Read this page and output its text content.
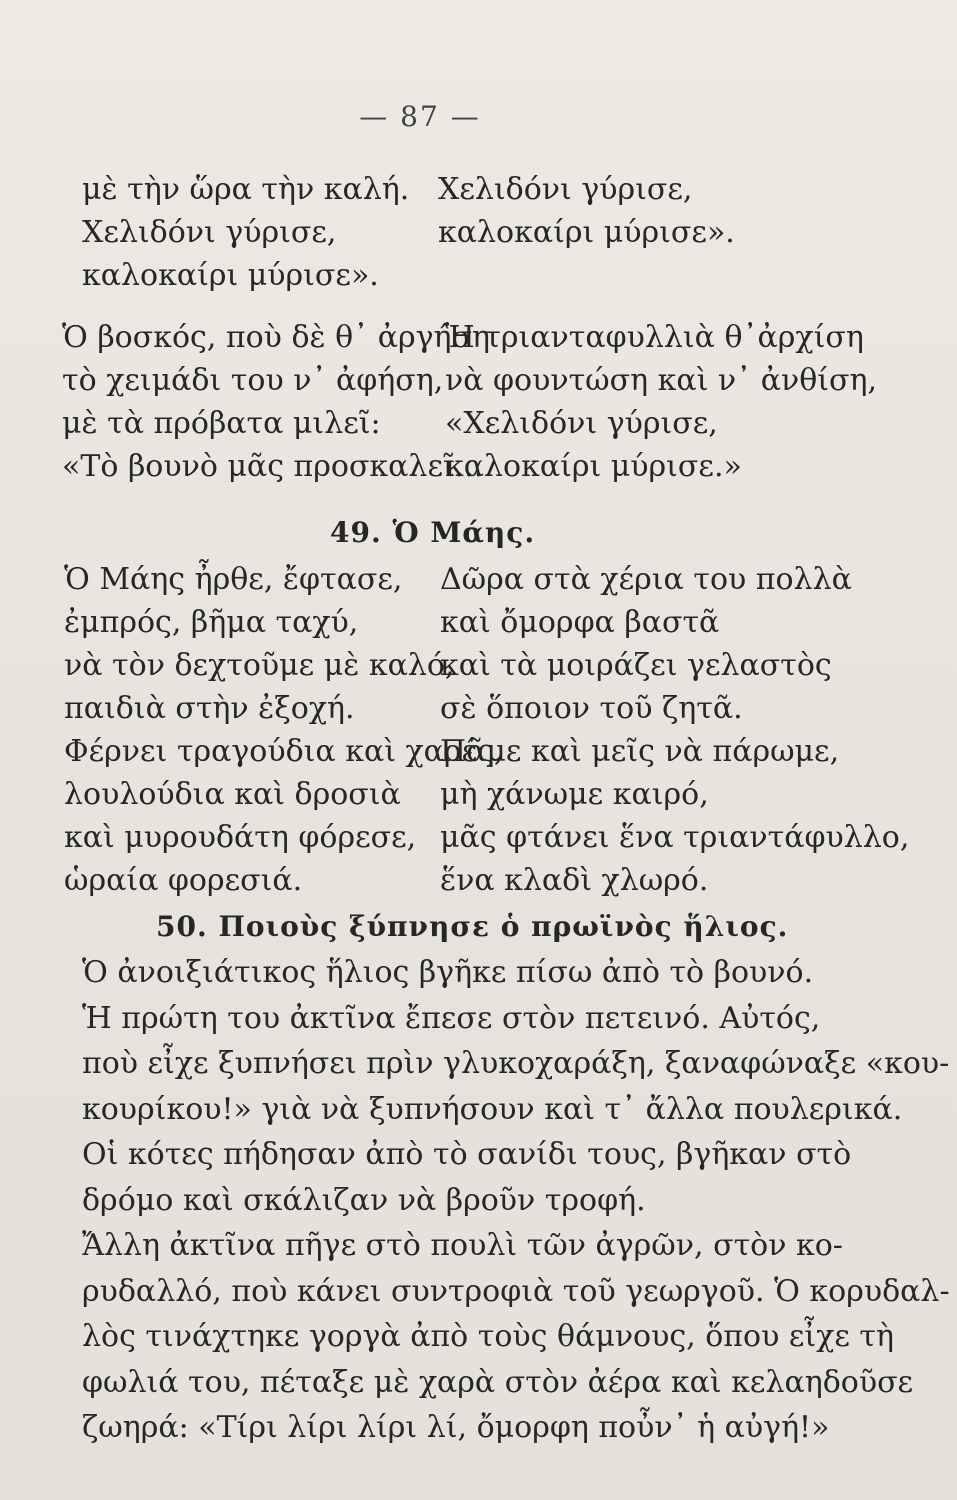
— 87 —
μὲ τὴν ὥρα τὴν καλή.
Χελιδόνι γύρισε,
καλοκαίρι μύρισε».
Χελιδόνι γύρισε,
καλοκαίρι μύρισε».
Ὁ βοσκός, ποὺ δὲ θ᾽ ἀργήση
τὸ χειμάδι του ν᾽ ἀφήση,
μὲ τὰ πρόβατα μιλεῖ:
«Τὸ βουνὸ μᾶς προσκαλεῖ...
Ἡ τριανταφυλλιὰ θ᾽ἀρχίση
νὰ φουντώση καὶ ν᾽ ἀνθίση,
«Χελιδόνι γύρισε,
καλοκαίρι μύρισε.»
49. Ὁ Μάης.
Ὁ Μάης ἦρθε, ἔφτασε,
ἐμπρός, βῆμα ταχύ,
νὰ τὸν δεχτοῦμε μὲ καλό,
παιδιὰ στὴν ἐξοχή.
Φέρνει τραγούδια καὶ χαρές,
λουλούδια καὶ δροσιὰ
καὶ μυρουδάτη φόρεσε,
ὡραία φορεσιά.
Δῶρα στὰ χέρια του πολλὰ
καὶ ὄμορφα βαστᾶ
καὶ τὰ μοιράζει γελαστὸς
σὲ ὅποιον τοῦ ζητᾶ.
Πᾶμε καὶ μεῖς νὰ πάρωμε,
μὴ χάνωμε καιρό,
μᾶς φτάνει ἕνα τριαντάφυλλο,
ἕνα κλαδὶ χλωρό.
50. Ποιοὺς ξύπνησε ὁ πρωϊνὸς ἥλιος.
Ὁ ἀνοιξιάτικος ἥλιος βγῆκε πίσω ἀπὸ τὸ βουνό.
Ἡ πρώτη του ἀκτῖνα ἔπεσε στὸν πετεινό. Αὐτός,
ποὺ εἶχε ξυπνήσει πρὶν γλυκοχαράξη, ξαναφώναξε «κου-
κουρίκου!» γιὰ νὰ ξυπνήσουν καὶ τ᾽ ἄλλα πουλερικά.
Οἱ κότες πήδησαν ἀπὸ τὸ σανίδι τους, βγῆκαν στὸ
δρόμο καὶ σκάλιζαν νὰ βροῦν τροφή.
Ἄλλη ἀκτῖνα πῆγε στὸ πουλὶ τῶν ἀγρῶν, στὸν κο-
ρυδαλλό, ποὺ κάνει συντροφιὰ τοῦ γεωργοῦ. Ὁ κορυδαλ-
λὸς τινάχτηκε γοργὰ ἀπὸ τοὺς θάμνους, ὅπου εἶχε τὴ
φωλιά του, πέταξε μὲ χαρὰ στὸν ἀέρα καὶ κελαηδοῦσε
ζωηρά: «Τίρι λίρι λίρι λί, ὄμορφη ποὖν᾽ ἡ αὐγή!»
